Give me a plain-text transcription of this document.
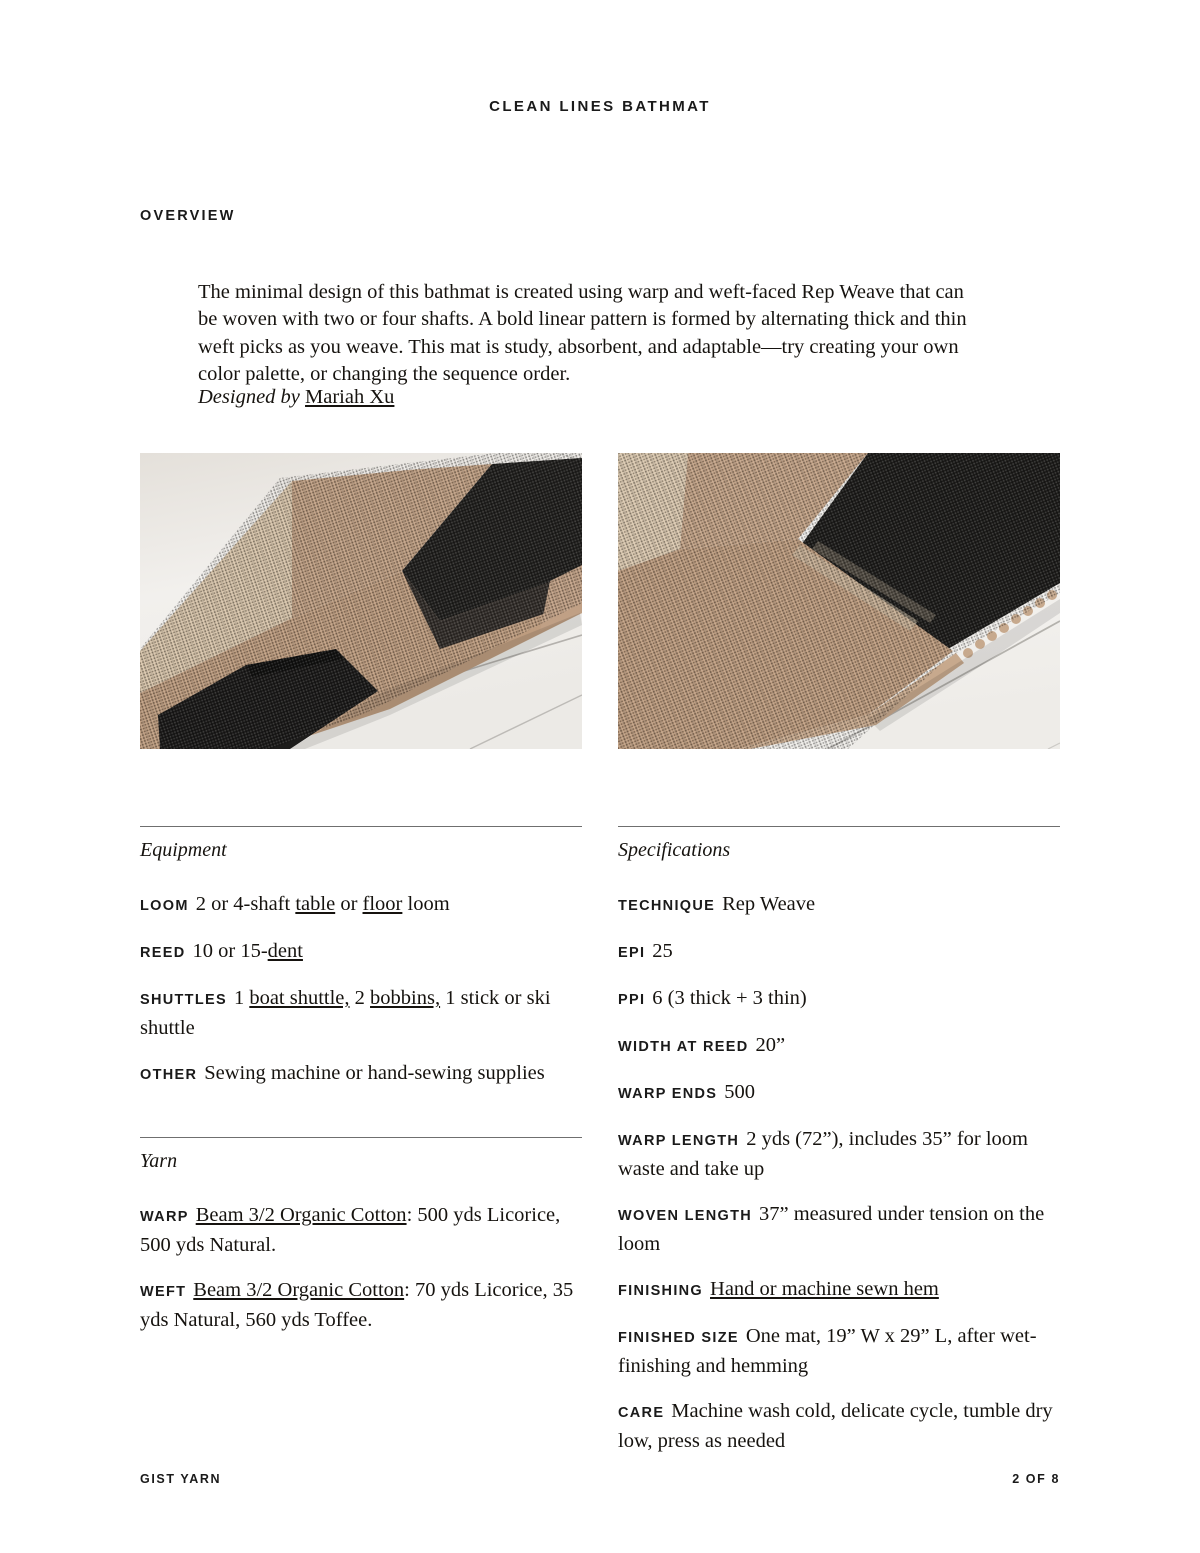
CLEAN LINES BATHMAT
OVERVIEW

The minimal design of this bathmat is created using warp and weft-faced Rep Weave that can be woven with two or four shafts. A bold linear pattern is formed by alternating thick and thin weft picks as you weave. This mat is study, absorbent, and adaptable—try creating your own color palette, or changing the sequence order.

Designed by Mariah Xu
Equipment
LOOM 2 or 4-shaft table or floor loom
REED 10 or 15-dent
SHUTTLES 1 boat shuttle, 2 bobbins, 1 stick or ski shuttle
OTHER Sewing machine or hand-sewing supplies
Yarn
WARP Beam 3/2 Organic Cotton: 500 yds Licorice, 500 yds Natural.
WEFT Beam 3/2 Organic Cotton: 70 yds Licorice, 35 yds Natural, 560 yds Toffee.
Specifications
TECHNIQUE Rep Weave
EPI 25
PPI 6 (3 thick + 3 thin)
WIDTH AT REED 20”
WARP ENDS 500
WARP LENGTH 2 yds (72”), includes 35” for loom waste and take up
WOVEN LENGTH 37” measured under tension on the loom
FINISHING Hand or machine sewn hem
FINISHED SIZE One mat, 19” W x 29” L, after wet-finishing and hemming
CARE Machine wash cold, delicate cycle, tumble dry low, press as needed
GIST YARN	2 OF 8
